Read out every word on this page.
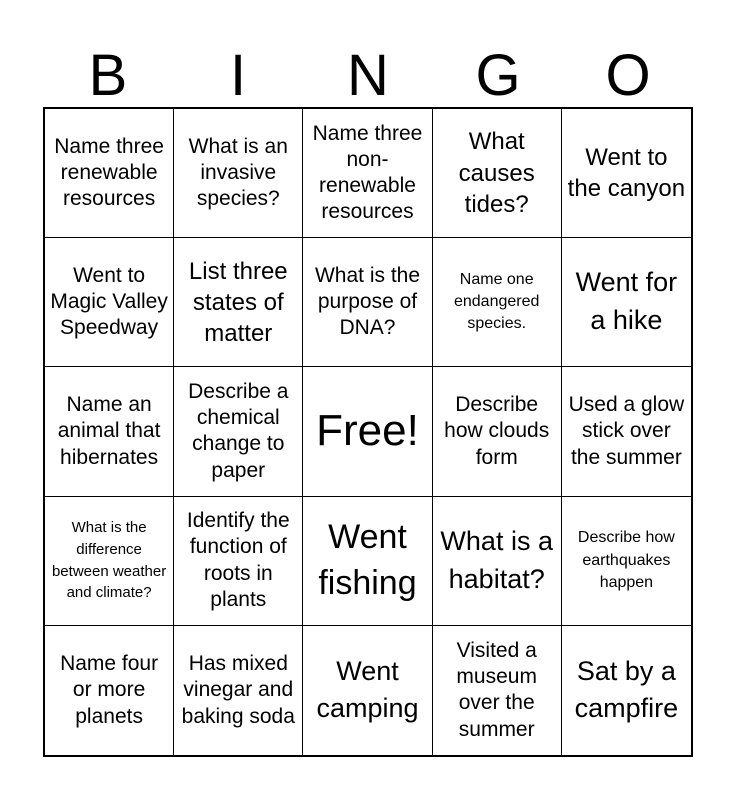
B	I	N	G	O
Name three renewable resources
What is an invasive species?
Name three non-renewable resources
What causes tides?
Went to the canyon
Went to Magic Valley Speedway
List three states of matter
What is the purpose of DNA?
Name one endangered species.
Went for a hike
Name an animal that hibernates
Describe a chemical change to paper
Free!
Describe how clouds form
Used a glow stick over the summer
What is the difference between weather and climate?
Identify the function of roots in plants
Went fishing
What is a habitat?
Describe how earthquakes happen
Name four or more planets
Has mixed vinegar and baking soda
Went camping
Visited a museum over the summer
Sat by a campfire
